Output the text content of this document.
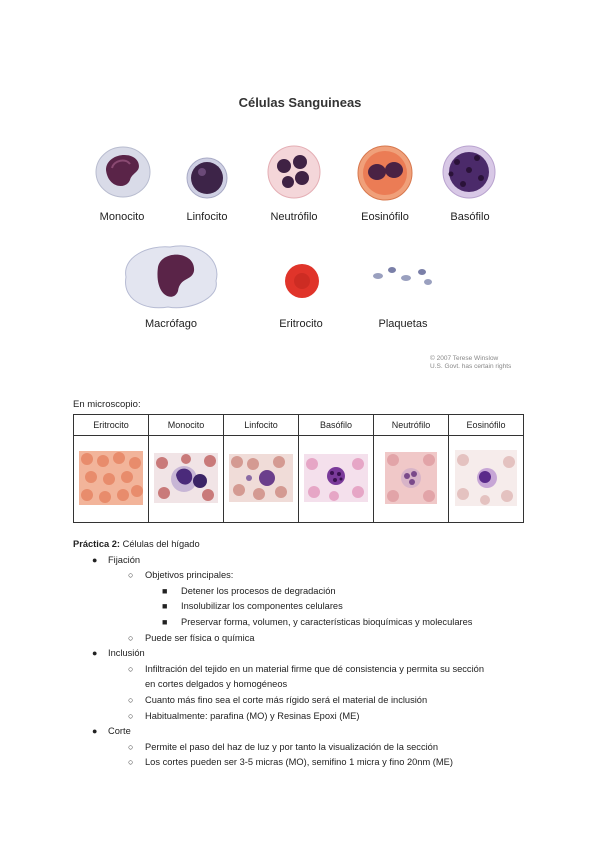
Células Sanguineas
Monocito	Linfocito	Neutrófilo	Eosinófilo	Basófilo
Macrófago	Eritrocito	Plaquetas
© 2007 Terese Winslow
U.S. Govt. has certain rights
En microscopio:
Eritrocito	Monocito	Linfocito	Basófilo	Neutrófilo	Eosinófilo

Práctica 2: Células del hígado
● Fijación
○ Objetivos principales:
■ Detener los procesos de degradación
■ Insolubilizar los componentes celulares
■ Preservar forma, volumen, y características bioquímicas y moleculares
○ Puede ser física o química
● Inclusión
○ Infiltración del tejido en un material firme que dé consistencia y permita su sección
en cortes delgados y homogéneos
○ Cuanto más fino sea el corte más rígido será el material de inclusión
○ Habitualmente: parafina (MO) y Resinas Epoxi (ME)
● Corte
○ Permite el paso del haz de luz y por tanto la visualización de la sección
○ Los cortes pueden ser 3-5 micras (MO), semifino 1 micra y fino 20nm (ME)
